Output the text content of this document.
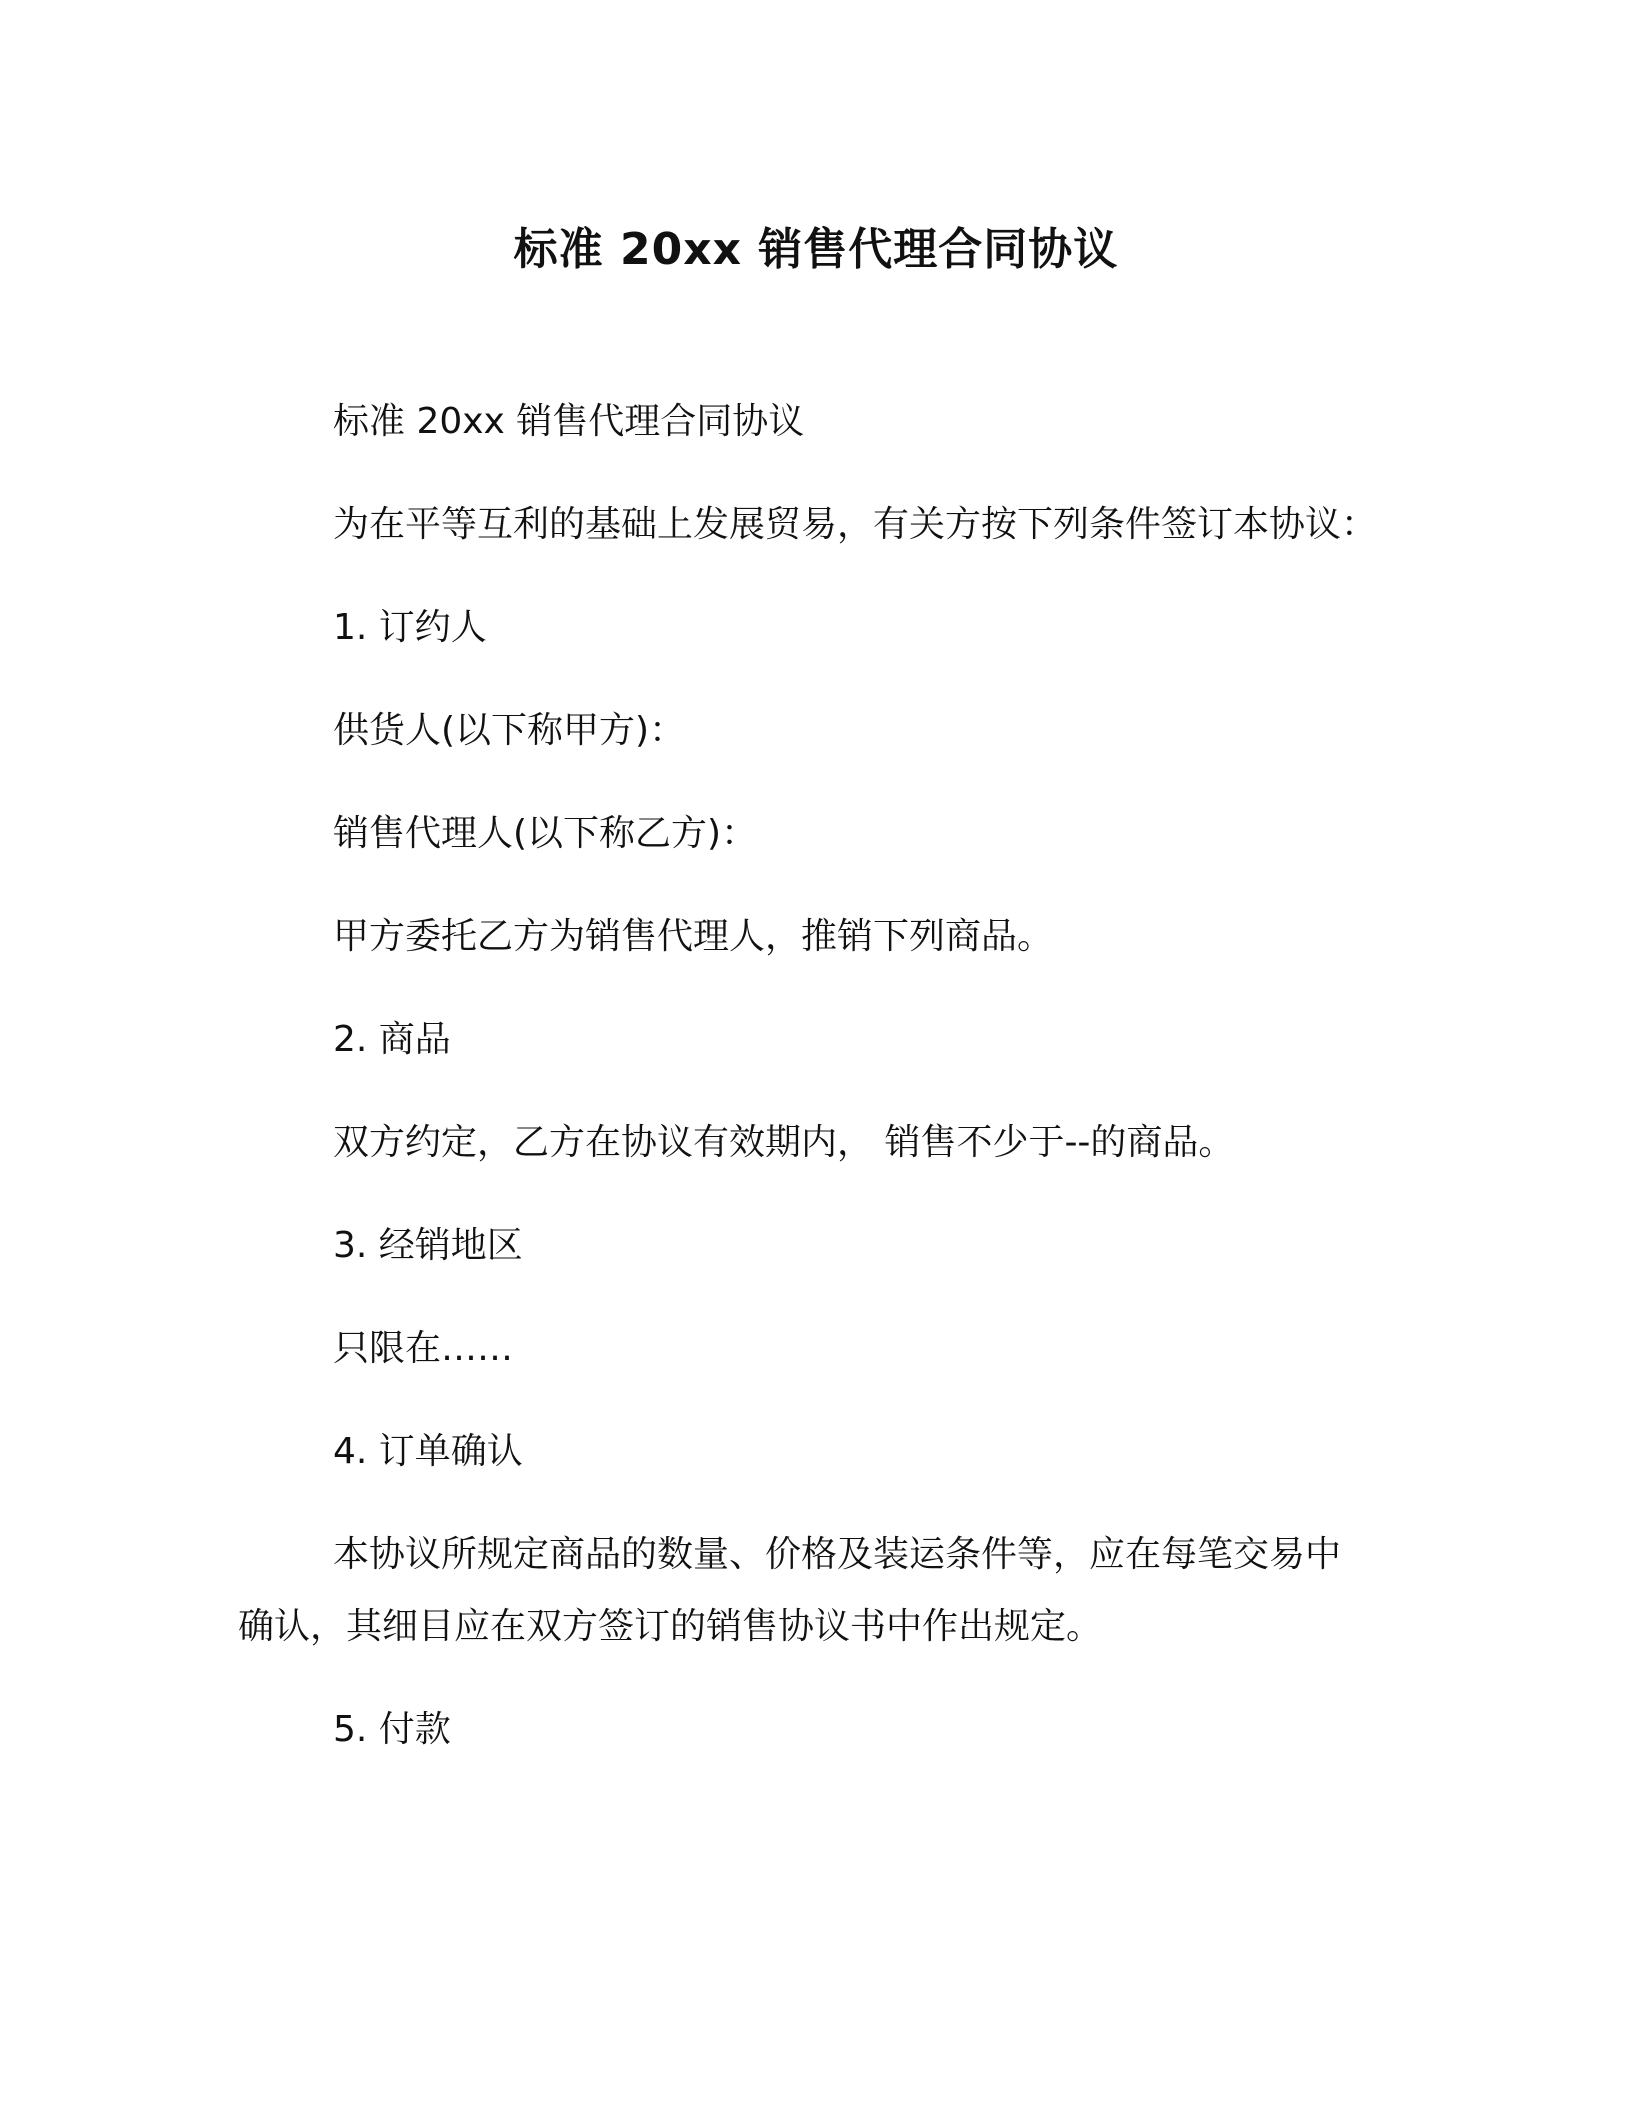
标准 20xx 销售代理合同协议
标准 20xx 销售代理合同协议
为在平等互利的基础上发展贸易，有关方按下列条件签订本协议：
1. 订约人
供货人(以下称甲方)：
销售代理人(以下称乙方)：
甲方委托乙方为销售代理人，推销下列商品。
2. 商品
双方约定，乙方在协议有效期内， 销售不少于--的商品。
3. 经销地区
只限在……
4. 订单确认
本协议所规定商品的数量、价格及装运条件等，应在每笔交易中
确认，其细目应在双方签订的销售协议书中作出规定。
5. 付款
